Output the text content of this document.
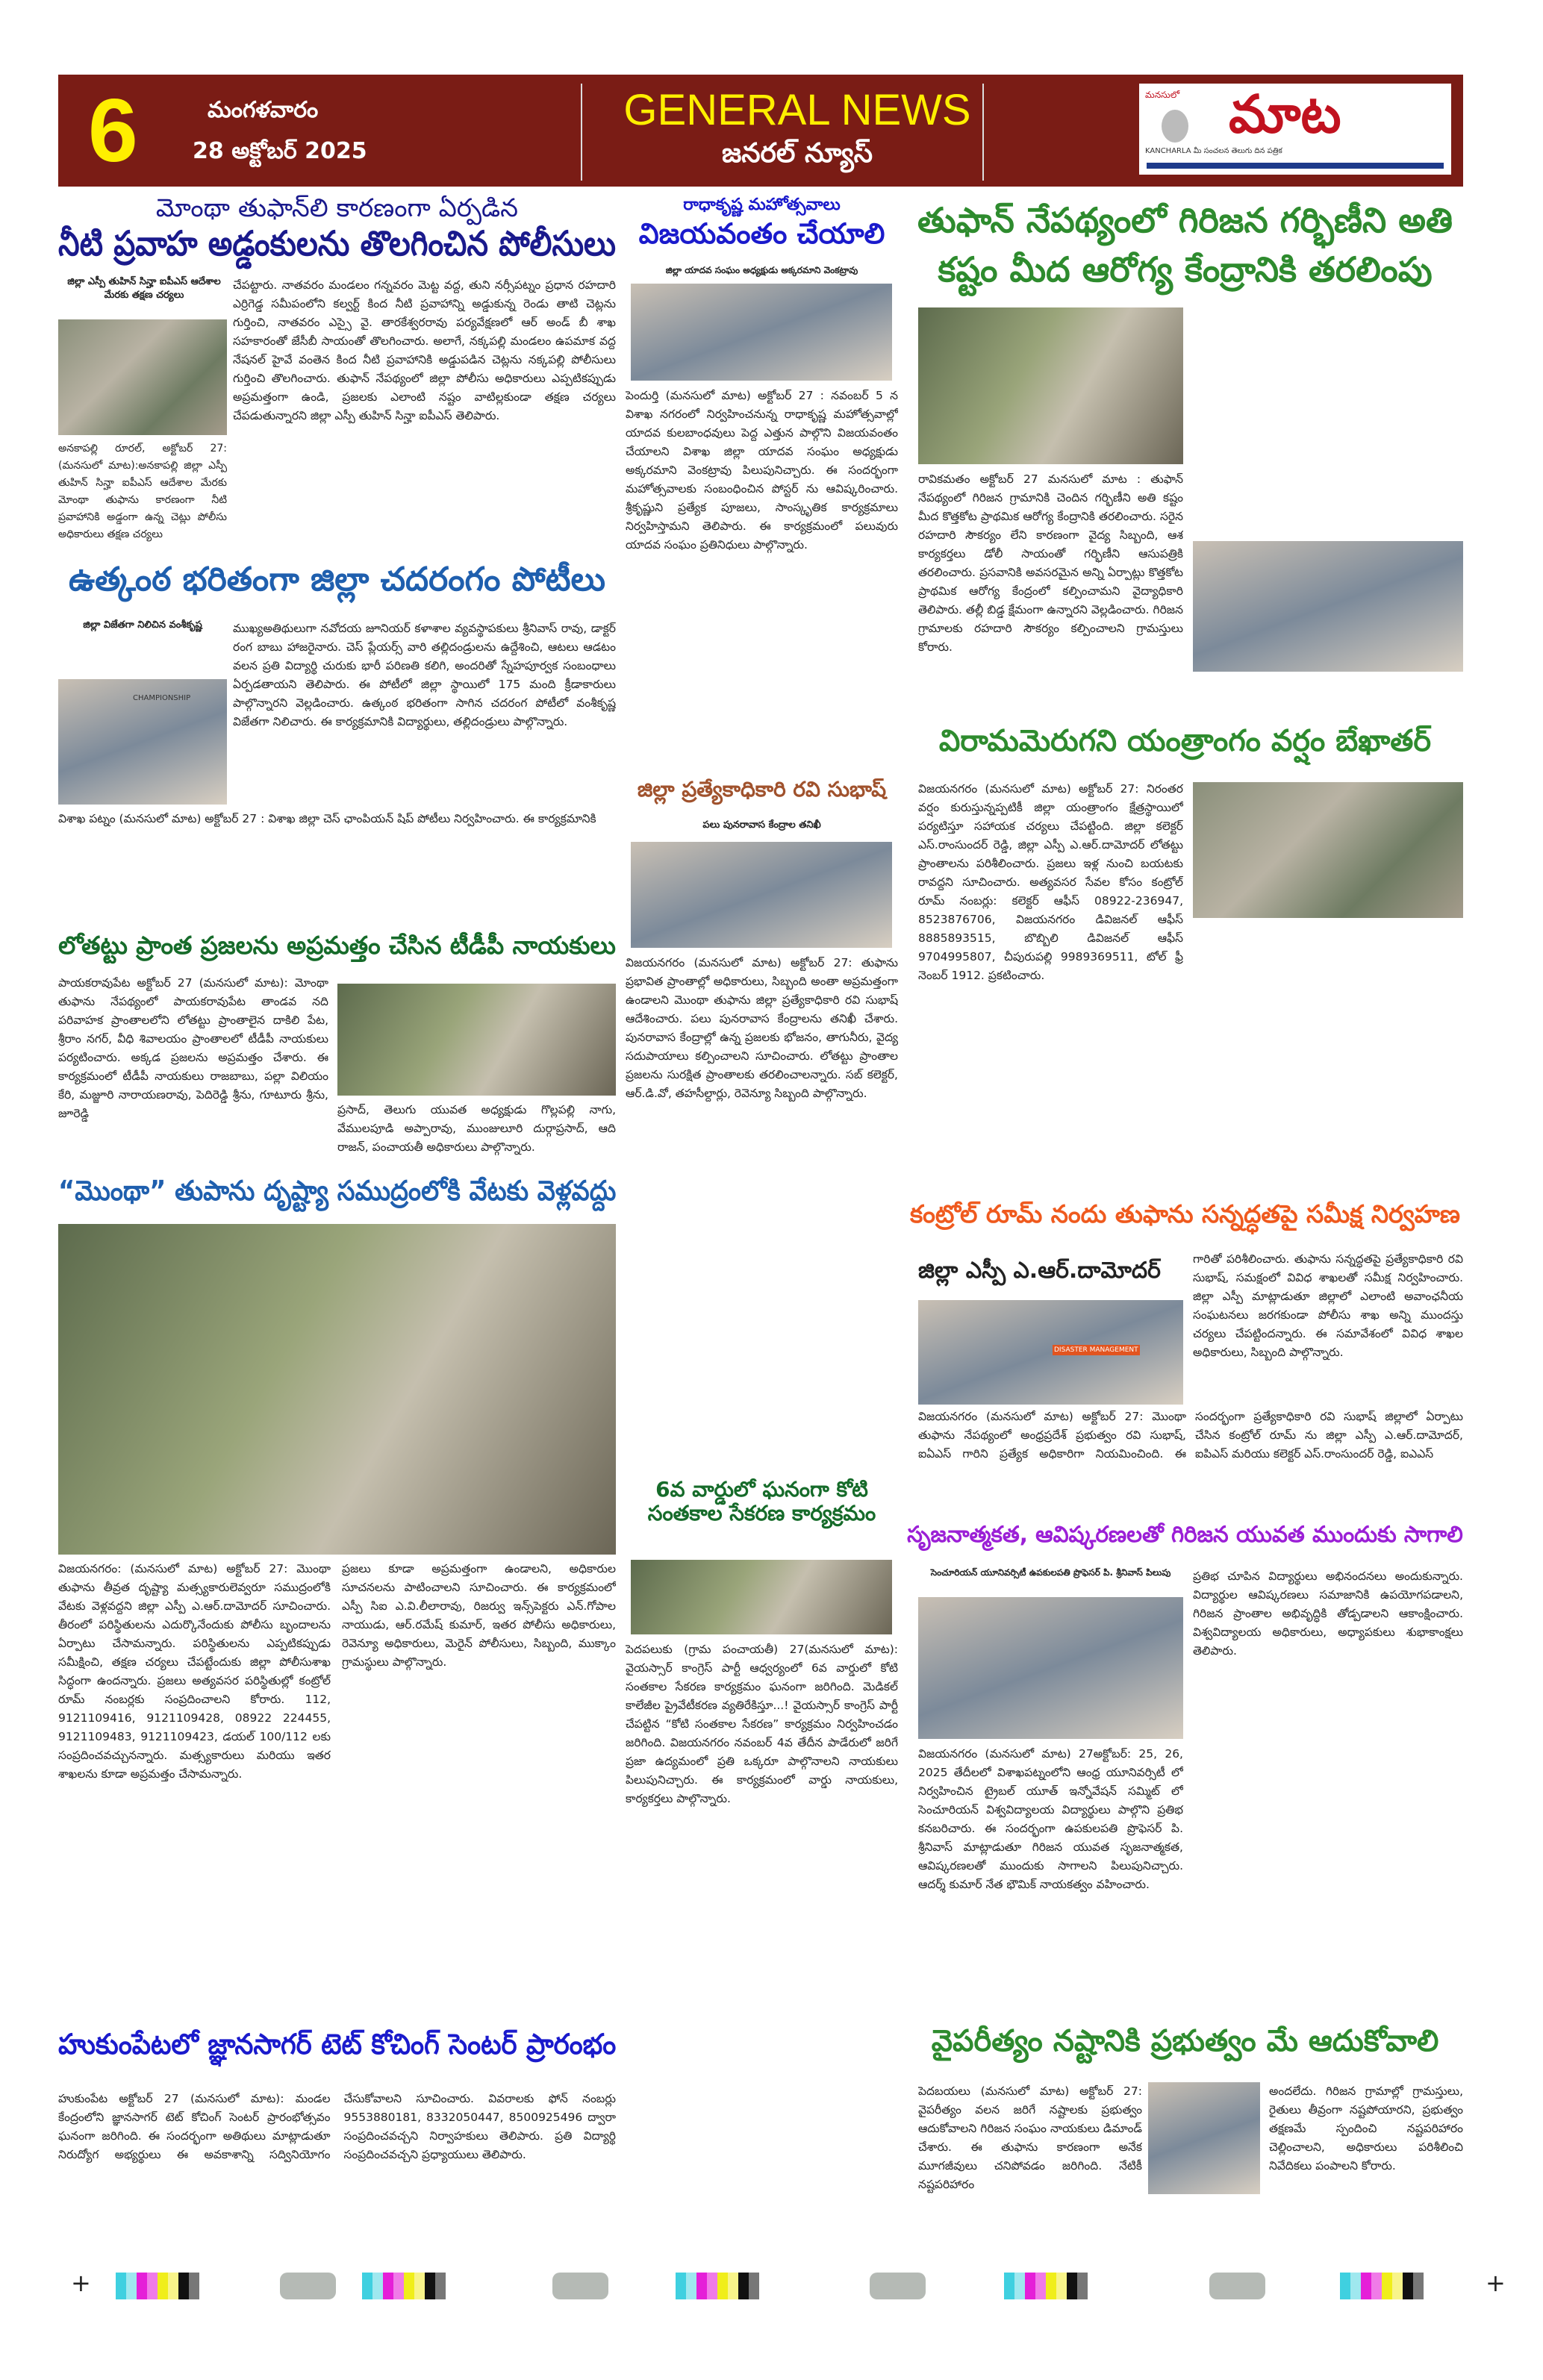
6	మంగళవారం
28 అక్టోబర్ 2025
GENERAL NEWS
జనరల్ న్యూస్
మనసులో మాట
KANCHARLA మీ సంచలన తెలుగు దిన పత్రిక
మోంథా తుఫాన్‌లి కారణంగా ఏర్పడిన
నీటి ప్రవాహ అడ్డంకులను తొలగించిన పోలీసులు
జిల్లా ఎస్పీ తుహిన్ సిన్హా ఐపీఎస్ ఆదేశాల మేరకు తక్షణ చర్యలు
అనకాపల్లి రూరల్, అక్టోబర్ 27: (మనసులో మాట):అనకాపల్లి జిల్లా ఎస్పీ తుహిన్ సిన్హా ఐపీఎస్ ఆదేశాల మేరకు మోంథా తుఫాను కారణంగా నీటి ప్రవాహానికి అడ్డంగా ఉన్న చెట్లు పోలీసు అధికారులు తక్షణ చర్యలు
చేపట్టారు. నాతవరం మండలం గన్నవరం మెట్ట వద్ద, తుని నర్సీపట్నం ప్రధాన రహదారి ఎర్రిగెడ్డ సమీపంలోని కల్వర్ట్ కింద నీటి ప్రవాహాన్ని అడ్డుకున్న రెండు తాటి చెట్లను గుర్తించి, నాతవరం ఎస్సై వై. తారకేశ్వరరావు పర్యవేక్షణలో ఆర్ అండ్ బీ శాఖ సహకారంతో జేసీబీ సాయంతో తొలగించారు. అలాగే, నక్కపల్లి మండలం ఉపమాక వద్ద నేషనల్ హైవే వంతెన కింద నీటి ప్రవాహానికి అడ్డుపడిన చెట్లను నక్కపల్లి పోలీసులు గుర్తించి తొలగించారు. తుఫాన్ నేపథ్యంలో జిల్లా పోలీసు అధికారులు ఎప్పటికప్పుడు అప్రమత్తంగా ఉండి, ప్రజలకు ఎలాంటి నష్టం వాటిల్లకుండా తక్షణ చర్యలు చేపడుతున్నారని జిల్లా ఎస్పీ తుహిన్ సిన్హా ఐపీఎస్ తెలిపారు.
ఉత్కంఠ భరితంగా జిల్లా చదరంగం పోటీలు
జిల్లా విజేతగా నిలిచిన వంశీకృష్ణ
CHAMPIONSHIP
విశాఖ పట్నం (మనసులో మాట) అక్టోబర్ 27 : విశాఖ జిల్లా చెస్ ఛాంపియన్ షిప్ పోటీలు నిర్వహించారు. ఈ కార్యక్రమానికి
ముఖ్యఅతిథులుగా నవోదయ జూనియర్ కళాశాల వ్యవస్థాపకులు శ్రీనివాస్ రావు, డాక్టర్ రంగ బాబు హాజరైనారు. చెస్ ప్లేయర్స్ వారి తల్లిదండ్రులను ఉద్దేశించి, ఆటలు ఆడటం వలన ప్రతి విద్యార్థి చురుకు భారీ పరిణతి కలిగి, అందరితో స్నేహపూర్వక సంబంధాలు ఏర్పడతాయని తెలిపారు. ఈ పోటీలో జిల్లా స్థాయిలో 175 మంది క్రీడాకారులు పాల్గొన్నారని వెల్లడించారు. ఉత్కంఠ భరితంగా సాగిన చదరంగ పోటీలో వంశీకృష్ణ విజేతగా నిలిచారు. ఈ కార్యక్రమానికి విద్యార్థులు, తల్లిదండ్రులు పాల్గొన్నారు.
లోతట్టు ప్రాంత ప్రజలను అప్రమత్తం చేసిన టీడీపీ నాయకులు
పాయకరావుపేట అక్టోబర్ 27 (మనసులో మాట): మోంథా తుఫాను నేపథ్యంలో పాయకరావుపేట తాండవ నది పరివాహక ప్రాంతాలలోని లోతట్టు ప్రాంతాలైన దాకిలి పేట, శ్రీరాం నగర్, వీధి శివాలయం ప్రాంతాలలో టీడీపీ నాయకులు పర్యటించారు. అక్కడ ప్రజలను అప్రమత్తం చేశారు. ఈ కార్యక్రమంలో టీడీపీ నాయకులు రాజబాబు, పల్లా విలియం కేరి, మజ్జూరి నారాయణరావు, పెదిరెడ్డి శ్రీను, గూటూరు శ్రీను, జూరెడ్డి	ప్రసాద్, తెలుగు యువత అధ్యక్షుడు గొల్లపల్లి నాగు, వేములపూడి అప్పారావు, ముంజులూరి దుర్గాప్రసాద్, ఆది రాజన్, పంచాయతీ అధికారులు పాల్గొన్నారు.
“మొంథా” తుపాను దృష్ట్యా సముద్రంలోకి వేటకు వెళ్లవద్దు
విజయనగరం: (మనసులో మాట) అక్టోబర్ 27: మొంథా తుఫాను తీవ్రత దృష్ట్యా మత్స్యకారులెవ్వరూ సముద్రంలోకి వేటకు వెళ్లవద్దని జిల్లా ఎస్పీ ఎ.ఆర్.దామోదర్ సూచించారు. తీరంలో పరిస్థితులను ఎదుర్కొనేందుకు పోలీసు బృందాలను ఏర్పాటు చేసామన్నారు. పరిస్థితులను ఎప్పటికప్పుడు సమీక్షించి, తక్షణ చర్యలు చేపట్టేందుకు జిల్లా పోలీసుశాఖ సిద్ధంగా ఉందన్నారు. ప్రజలు అత్యవసర పరిస్థితుల్లో కంట్రోల్ రూమ్ నంబర్లకు సంప్రదించాలని కోరారు. 112, 9121109416, 9121109428, 08922 224455, 9121109483, 9121109423, డయల్ 100/112 లకు సంప్రదించవచ్చునన్నారు. మత్స్యకారులు మరియు ఇతర శాఖలను కూడా అప్రమత్తం చేసామన్నారు.
ప్రజలు కూడా అప్రమత్తంగా ఉండాలని, అధికారుల సూచనలను పాటించాలని సూచించారు. ఈ కార్యక్రమంలో ఎస్పీ సిఐ ఎ.వి.లీలారావు, రిజర్వు ఇన్స్‌పెక్టరు ఎన్.గోపాల నాయుడు, ఆర్.రమేష్ కుమార్, ఇతర పోలీసు అధికారులు, రెవెన్యూ అధికారులు, మెరైన్ పోలీసులు, సిబ్బంది, ముక్కాం గ్రామస్థులు పాల్గొన్నారు.
హుకుంపేటలో జ్ఞానసాగర్ టెట్ కోచింగ్ సెంటర్ ప్రారంభం
హుకుంపేట అక్టోబర్ 27 (మనసులో మాట): మండల కేంద్రంలోని జ్ఞానసాగర్ టెట్ కోచింగ్ సెంటర్ ప్రారంభోత్సవం ఘనంగా జరిగింది. ఈ సందర్భంగా అతిథులు మాట్లాడుతూ నిరుద్యోగ అభ్యర్థులు ఈ అవకాశాన్ని సద్వినియోగం చేసుకోవాలని సూచించారు. వివరాలకు ఫోన్ నంబర్లు 9553880181, 8332050447, 8500925496 ద్వారా సంప్రదించవచ్చని నిర్వాహకులు తెలిపారు. ప్రతి విద్యార్థి సంప్రదించవచ్చని ప్రధ్యాయులు తెలిపారు.
రాధాకృష్ణ మహోత్సవాలు
విజయవంతం చేయాలి
జిల్లా యాదవ సంఘం అధ్యక్షుడు అక్కరమాని వెంకట్రావు
పెందుర్తి (మనసులో మాట) అక్టోబర్ 27 : నవంబర్ 5 న విశాఖ నగరంలో నిర్వహించనున్న రాధాకృష్ణ మహోత్సవాల్లో యాదవ కులబాంధవులు పెద్ద ఎత్తున పాల్గొని విజయవంతం చేయాలని విశాఖ జిల్లా యాదవ సంఘం అధ్యక్షుడు అక్కరమాని వెంకట్రావు పిలుపునిచ్చారు. ఈ సందర్భంగా మహోత్సవాలకు సంబంధించిన పోస్టర్ ను ఆవిష్కరించారు. శ్రీకృష్ణుని ప్రత్యేక పూజలు, సాంస్కృతిక కార్యక్రమాలు నిర్వహిస్తామని తెలిపారు. ఈ కార్యక్రమంలో పలువురు యాదవ సంఘం ప్రతినిధులు పాల్గొన్నారు.
జిల్లా ప్రత్యేకాధికారి రవి సుభాష్
పలు పునరావాస కేంద్రాల తనిఖీ
విజయనగరం (మనసులో మాట) అక్టోబర్ 27: తుఫాను ప్రభావిత ప్రాంతాల్లో అధికారులు, సిబ్బంది అంతా అప్రమత్తంగా ఉండాలని మొంథా తుఫాను జిల్లా ప్రత్యేకాధికారి రవి సుభాష్ ఆదేశించారు. పలు పునరావాస కేంద్రాలను తనిఖీ చేశారు. పునరావాస కేంద్రాల్లో ఉన్న ప్రజలకు భోజనం, తాగునీరు, వైద్య సదుపాయాలు కల్పించాలని సూచించారు. లోతట్టు ప్రాంతాల ప్రజలను సురక్షిత ప్రాంతాలకు తరలించాలన్నారు. సబ్ కలెక్టర్, ఆర్.డి.వో, తహసీల్దార్లు, రెవెన్యూ సిబ్బంది పాల్గొన్నారు.
6వ వార్డులో ఘనంగా కోటి సంతకాల సేకరణ కార్యక్రమం
పెదపలుకు (గ్రామ పంచాయతీ) 27(మనసులో మాట): వైయస్సార్ కాంగ్రెస్ పార్టీ ఆధ్వర్యంలో 6వ వార్డులో కోటి సంతకాల సేకరణ కార్యక్రమం ఘనంగా జరిగింది. మెడికల్ కాలేజీల ప్రైవేటీకరణ వ్యతిరేకిస్తూ...! వైయస్సార్ కాంగ్రెస్ పార్టీ చేపట్టిన “కోటి సంతకాల సేకరణ” కార్యక్రమం నిర్వహించడం జరిగింది. విజయనగరం నవంబర్ 4వ తేదీన పాడేరులో జరిగే ప్రజా ఉద్యమంలో ప్రతి ఒక్కరూ పాల్గొనాలని నాయకులు పిలుపునిచ్చారు. ఈ కార్యక్రమంలో వార్డు నాయకులు, కార్యకర్తలు పాల్గొన్నారు.
తుఫాన్ నేపథ్యంలో గిరిజన గర్భిణీని అతి కష్టం మీద ఆరోగ్య కేంద్రానికి తరలింపు
రావికమతం అక్టోబర్ 27 మనసులో మాట : తుఫాన్ నేపథ్యంలో గిరిజన గ్రామానికి చెందిన గర్భిణీని అతి కష్టం మీద కొత్తకోట ప్రాథమిక ఆరోగ్య కేంద్రానికి తరలించారు. సరైన రహదారి సౌకర్యం లేని కారణంగా వైద్య సిబ్బంది, ఆశ కార్యకర్తలు డోలీ సాయంతో గర్భిణీని ఆసుపత్రికి తరలించారు. ప్రసవానికి అవసరమైన అన్ని ఏర్పాట్లు కొత్తకోట ప్రాథమిక ఆరోగ్య కేంద్రంలో కల్పించామని వైద్యాధికారి తెలిపారు. తల్లీ బిడ్డ క్షేమంగా ఉన్నారని వెల్లడించారు. గిరిజన గ్రామాలకు రహదారి సౌకర్యం కల్పించాలని గ్రామస్తులు కోరారు.
విరామమెరుగని యంత్రాంగం వర్షం బేఖాతర్
విజయనగరం (మనసులో మాట) అక్టోబర్ 27: నిరంతర వర్షం కురుస్తున్నప్పటికీ జిల్లా యంత్రాంగం క్షేత్రస్థాయిలో పర్యటిస్తూ సహాయక చర్యలు చేపట్టింది. జిల్లా కలెక్టర్ ఎస్.రాంసుందర్ రెడ్డి, జిల్లా ఎస్పీ ఎ.ఆర్.దామోదర్ లోతట్టు ప్రాంతాలను పరిశీలించారు. ప్రజలు ఇళ్ల నుంచి బయటకు రావద్దని సూచించారు. అత్యవసర సేవల కోసం కంట్రోల్ రూమ్ నంబర్లు: కలెక్టర్ ఆఫీస్ 08922-236947, 8523876706, విజయనగరం డివిజనల్ ఆఫీస్ 8885893515, బొబ్బిలి డివిజనల్ ఆఫీస్ 9704995807, చీపురుపల్లి 9989369511, టోల్ ఫ్రీ నెంబర్ 1912. ప్రకటించారు.
కంట్రోల్ రూమ్ నందు తుఫాను సన్నద్ధతపై సమీక్ష నిర్వహణ
జిల్లా ఎస్పీ ఎ.ఆర్.దామోదర్
DISASTER MANAGEMENT
విజయనగరం (మనసులో మాట) అక్టోబర్ 27: మొంథా తుఫాను నేపథ్యంలో అంధ్రప్రదేశ్ ప్రభుత్వం రవి సుభాష్, ఐఏఎస్ గారిని ప్రత్యేక అధికారిగా నియమించింది. ఈ సందర్భంగా ప్రత్యేకాధికారి రవి సుభాష్ జిల్లాలో ఏర్పాటు చేసిన కంట్రోల్ రూమ్ ను జిల్లా ఎస్పీ ఎ.ఆర్.దామోదర్, ఐపిఎస్ మరియు కలెక్టర్ ఎస్.రాంసుందర్ రెడ్డి, ఐఎఎస్
గారితో పరిశీలించారు. తుఫాను సన్నద్ధతపై ప్రత్యేకాధికారి రవి సుభాష్, సమక్షంలో వివిధ శాఖలతో సమీక్ష నిర్వహించారు. జిల్లా ఎస్పీ మాట్లాడుతూ జిల్లాలో ఎలాంటి అవాంఛనీయ సంఘటనలు జరగకుండా పోలీసు శాఖ అన్ని ముందస్తు చర్యలు చేపట్టిందన్నారు. ఈ సమావేశంలో వివిధ శాఖల అధికారులు, సిబ్బంది పాల్గొన్నారు.
సృజనాత్మకత, ఆవిష్కరణలతో గిరిజన యువత ముందుకు సాగాలి
సెంచూరియన్ యూనివర్సిటీ ఉపకులపతి ప్రొఫెసర్ పి. శ్రీనివాస్ పిలుపు
విజయనగరం (మనసులో మాట) 27అక్టోబర్: 25, 26, 2025 తేదీలలో విశాఖపట్నంలోని ఆంధ్ర యూనివర్సిటీ లో నిర్వహించిన ట్రైబల్ యూత్ ఇన్నోవేషన్ సమ్మిట్ లో సెంచూరియన్ విశ్వవిద్యాలయ విద్యార్థులు పాల్గొని ప్రతిభ కనబరిచారు. ఈ సందర్భంగా ఉపకులపతి ప్రొఫెసర్ పి. శ్రీనివాస్ మాట్లాడుతూ గిరిజన యువత సృజనాత్మకత, ఆవిష్కరణలతో ముందుకు సాగాలని పిలుపునిచ్చారు. ఆదర్శ్ కుమార్ నేత భౌమిక్ నాయకత్వం వహించారు.
ప్రతిభ చూపిన విద్యార్థులు అభినందనలు అందుకున్నారు. విద్యార్థుల ఆవిష్కరణలు సమాజానికి ఉపయోగపడాలని, గిరిజన ప్రాంతాల అభివృద్ధికి తోడ్పడాలని ఆకాంక్షించారు. విశ్వవిద్యాలయ అధికారులు, అధ్యాపకులు శుభాకాంక్షలు తెలిపారు.
వైపరీత్యం నష్టానికి ప్రభుత్వం మే ఆదుకోవాలి
పెదబయలు (మనసులో మాట) అక్టోబర్ 27: వైపరీత్యం వలన జరిగే నష్టాలకు ప్రభుత్వం ఆదుకోవాలని గిరిజన సంఘం నాయకులు డిమాండ్ చేశారు. ఈ తుఫాను కారణంగా అనేక మూగజీవులు చనిపోవడం జరిగింది. నేటికీ నష్టపరిహారం
అందలేదు. గిరిజన గ్రామాల్లో గ్రామస్తులు, రైతులు తీవ్రంగా నష్టపోయారని, ప్రభుత్వం తక్షణమే స్పందించి నష్టపరిహారం చెల్లించాలని, అధికారులు పరిశీలించి నివేదికలు పంపాలని కోరారు.
+	+
